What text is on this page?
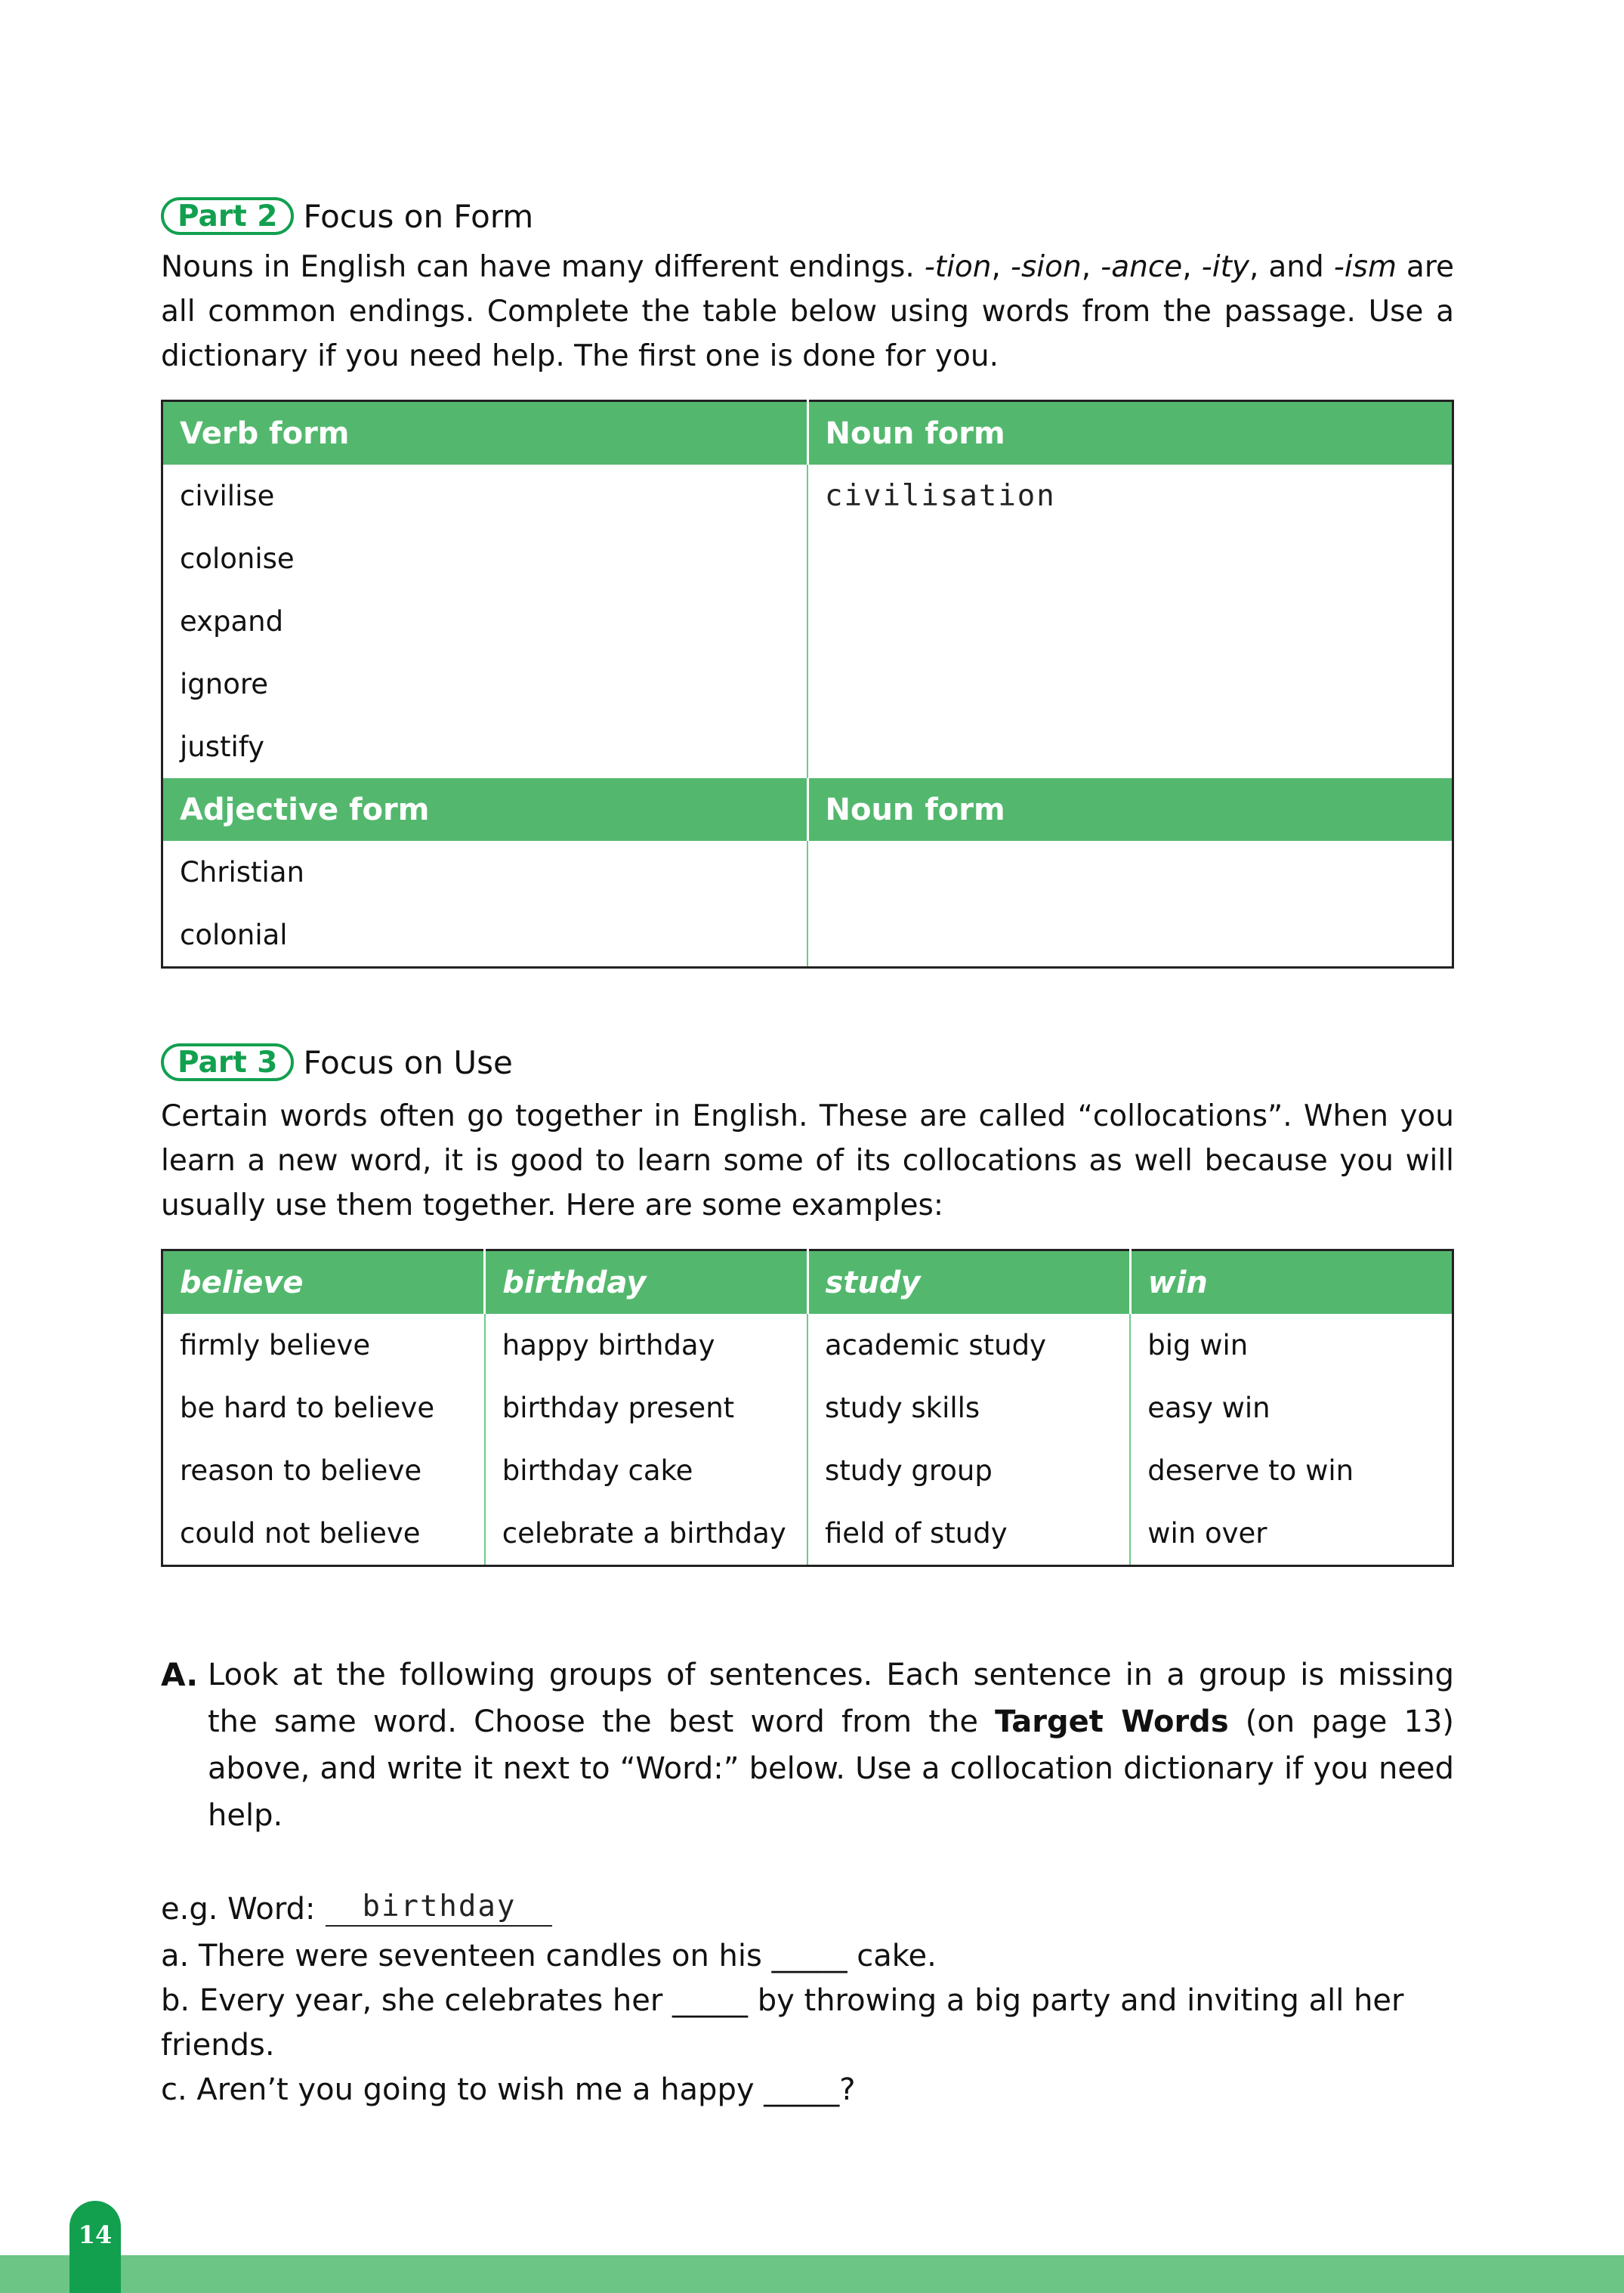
Part 2 Focus on Form

Nouns in English can have many different endings. -tion, -sion, -ance, -ity, and -ism are all common endings. Complete the table below using words from the passage. Use a dictionary if you need help. The first one is done for you.

Verb form	Noun form
civilise	civilisation
colonise	
expand	
ignore	
justify	
Adjective form	Noun form
Christian	
colonial	
Part 3 Focus on Use

Certain words often go together in English. These are called “collocations”. When you learn a new word, it is good to learn some of its collocations as well because you will usually use them together. Here are some examples:

believe	birthday	study	win
firmly believe	happy birthday	academic study	big win
be hard to believe	birthday present	study skills	easy win
reason to believe	birthday cake	study group	deserve to win
could not believe	celebrate a birthday	field of study	win over
A. Look at the following groups of sentences. Each sentence in a group is missing the same word. Choose the best word from the Target Words (on page 13) above, and write it next to “Word:” below. Use a collocation dictionary if you need help.
e.g. Word:	birthday

a. There were seventeen candles on his _____ cake.

b. Every year, she celebrates her _____ by throwing a big party and inviting all her friends.

c. Aren’t you going to wish me a happy _____?

14
